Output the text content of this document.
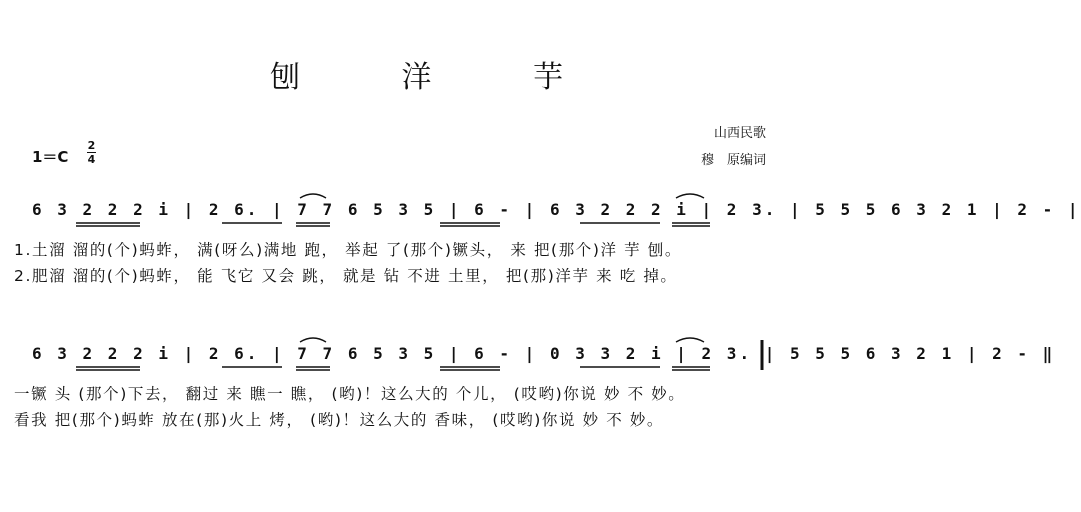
刨 洋 芋
1＝C
2
4
山西民歌
穆　原编词
6 3 2 2 2 i | 2 6. | 7 7 6 5 3 5 | 6 - | 6 3 2 2 2 i | 2 3. | 5 5 5 6 3 2 1 | 2 - |
1.土溜 溜的(个)蚂蚱， 满(呀么)满地 跑， 举起 了(那个)镢头， 来 把(那个)洋 芋 刨。
2.肥溜 溜的(个)蚂蚱， 能 飞它 又会 跳， 就是 钻 不进 土里， 把(那)洋芋 来 吃 掉。
6 3 2 2 2 i | 2 6. | 7 7 6 5 3 5 | 6 - | 0 3 3 2 i | 2 3. | 5 5 5 6 3 2 1 | 2 - ‖
一镢 头 (那个)下去， 翻过 来 瞧一 瞧， (哟)！这么大的 个儿， (哎哟)你说 妙 不 妙。
看我 把(那个)蚂蚱 放在(那)火上 烤， (哟)！这么大的 香味， (哎哟)你说 妙 不 妙。
